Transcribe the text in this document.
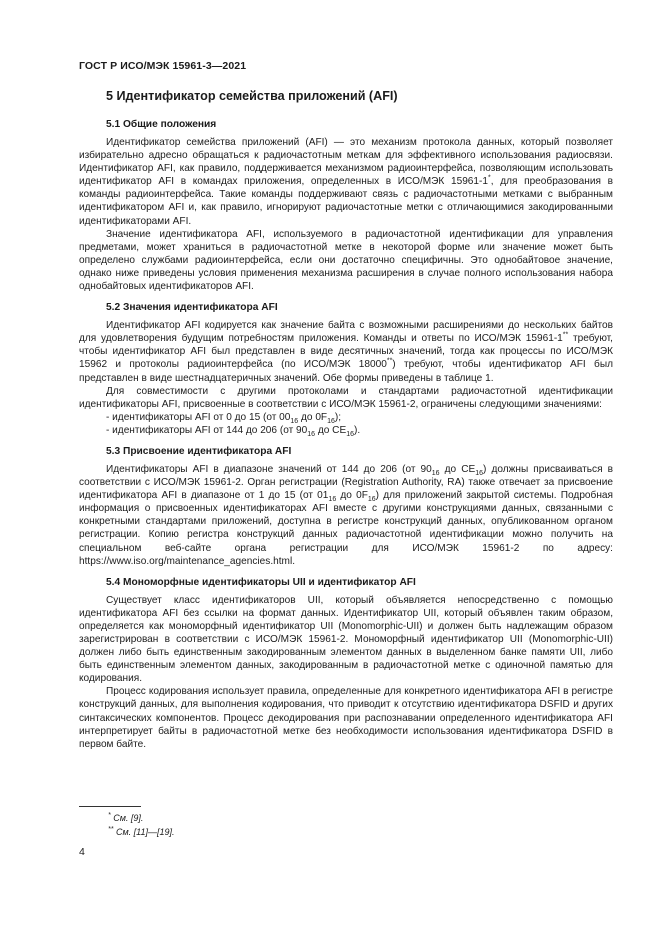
ГОСТ Р ИСО/МЭК 15961-3—2021
5 Идентификатор семейства приложений (AFI)
5.1 Общие положения

Идентификатор семейства приложений (AFI) — это механизм протокола данных, который позволяет избирательно адресно обращаться к радиочастотным меткам для эффективного использования радиосвязи. Идентификатор AFI, как правило, поддерживается механизмом радиоинтерфейса, позволяющим использовать идентификатор AFI в командах приложения, определенных в ИСО/МЭК 15961-1*, для преобразования в команды радиоинтерфейса. Такие команды поддерживают связь с радиочастотными метками с выбранным идентификатором AFI и, как правило, игнорируют радиочастотные метки с отличающимися закодированными идентификаторами AFI.

Значение идентификатора AFI, используемого в радиочастотной идентификации для управления предметами, может храниться в радиочастотной метке в некоторой форме или значение может быть определено службами радиоинтерфейса, если они достаточно специфичны. Это однобайтовое значение, однако ниже приведены условия применения механизма расширения в случае полного использования набора однобайтовых идентификаторов AFI.

5.2 Значения идентификатора AFI

Идентификатор AFI кодируется как значение байта с возможными расширениями до нескольких байтов для удовлетворения будущим потребностям приложения. Команды и ответы по ИСО/МЭК 15961-1** требуют, чтобы идентификатор AFI был представлен в виде десятичных значений, тогда как процессы по ИСО/МЭК 15962 и протоколы радиоинтерфейса (по ИСО/МЭК 18000**) требуют, чтобы идентификатор AFI был представлен в виде шестнадцатеричных значений. Обе формы приведены в таблице 1.

Для совместимости с другими протоколами и стандартами радиочастотной идентификации идентификаторы AFI, присвоенные в соответствии с ИСО/МЭК 15961-2, ограничены следующими значениями:

- идентификаторы AFI от 0 до 15 (от $00_{16}$ до $0F_{16}$);
- идентификаторы AFI от 144 до 206 (от $90_{16}$ до $CE_{16}$).
5.3 Присвоение идентификатора AFI

Идентификаторы AFI в диапазоне значений от 144 до 206 (от $90_{16}$ до $CE_{16}$) должны присваиваться в соответствии с ИСО/МЭК 15961-2. Орган регистрации (Registration Authority, RA) также отвечает за присвоение идентификатора AFI в диапазоне от 1 до 15 (от $01_{16}$ до $0F_{16}$) для приложений закрытой системы. Подробная информация о присвоенных идентификаторах AFI вместе с другими конструкциями данных, связанными с конкретными стандартами приложений, доступна в регистре конструкций данных, опубликованном органом регистрации. Копию регистра конструкций данных радиочастотной идентификации можно получить на специальном веб-сайте органа регистрации для ИСО/МЭК 15961-2 по адресу: https://www.iso.org/maintenance_agencies.html.

5.4 Мономорфные идентификаторы UII и идентификатор AFI

Существует класс идентификаторов UII, который объявляется непосредственно с помощью идентификатора AFI без ссылки на формат данных. Идентификатор UII, который объявлен таким образом, определяется как мономорфный идентификатор UII (Monomorphic-UII) и должен быть надлежащим образом зарегистрирован в соответствии с ИСО/МЭК 15961-2. Мономорфный идентификатор UII (Monomorphic-UII) должен либо быть единственным закодированным элементом данных в выделенном банке памяти UII, либо быть единственным элементом данных, закодированным в радиочастотной метке с одиночной памятью для кодирования.

Процесс кодирования использует правила, определенные для конкретного идентификатора AFI в регистре конструкций данных, для выполнения кодирования, что приводит к отсутствию идентификатора DSFID и других синтаксических компонентов. Процесс декодирования при распознавании определенного идентификатора AFI интерпретирует байты в радиочастотной метке без необходимости использования идентификатора DSFID в первом байте.

* См. [9].
** См. [11]—[19].
4
